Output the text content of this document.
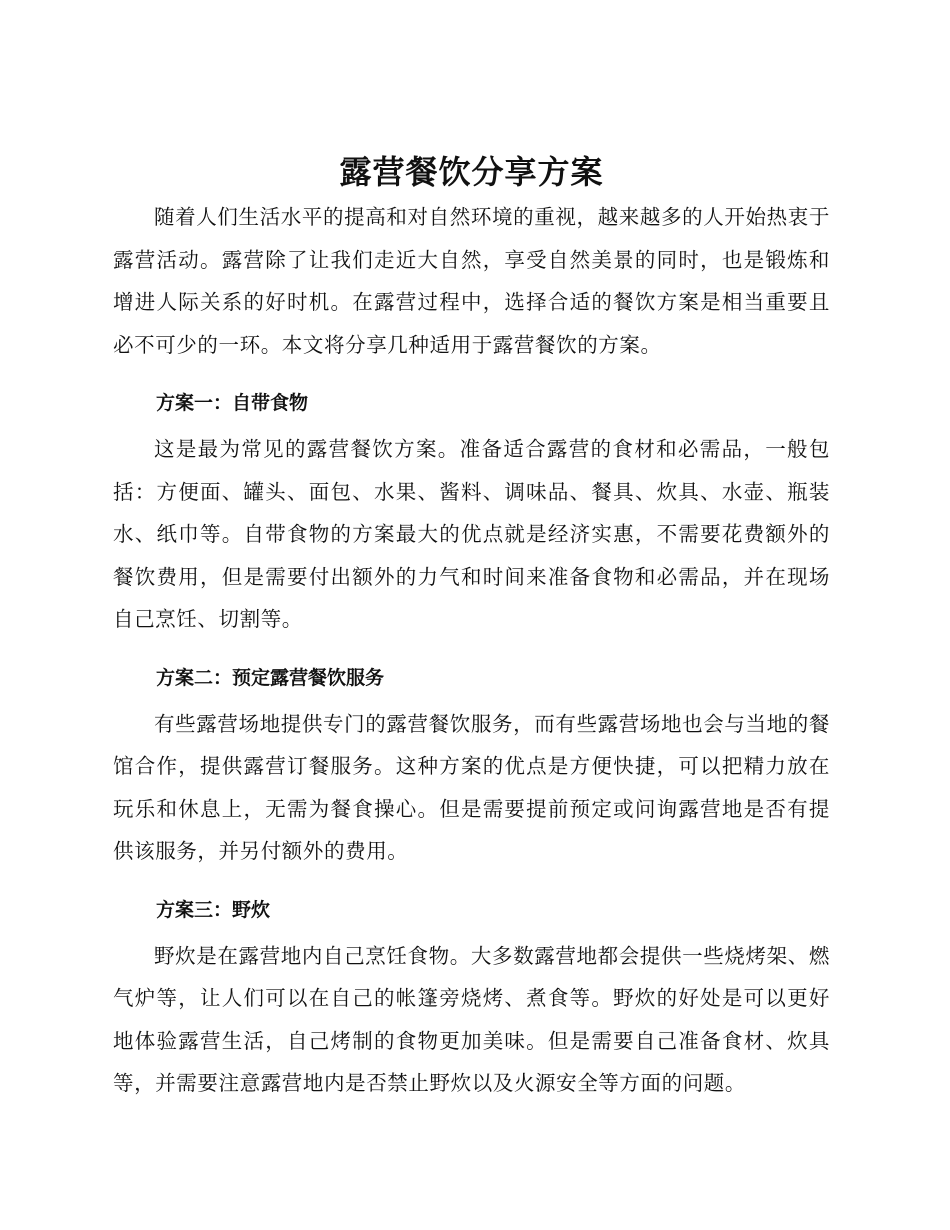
露营餐饮分享方案

随着人们生活水平的提高和对自然环境的重视，越来越多的人开始热衷于露营活动。露营除了让我们走近大自然，享受自然美景的同时，也是锻炼和增进人际关系的好时机。在露营过程中，选择合适的餐饮方案是相当重要且必不可少的一环。本文将分享几种适用于露营餐饮的方案。

方案一：自带食物

这是最为常见的露营餐饮方案。准备适合露营的食材和必需品，一般包括：方便面、罐头、面包、水果、酱料、调味品、餐具、炊具、水壶、瓶装水、纸巾等。自带食物的方案最大的优点就是经济实惠，不需要花费额外的餐饮费用，但是需要付出额外的力气和时间来准备食物和必需品，并在现场自己烹饪、切割等。

方案二：预定露营餐饮服务

有些露营场地提供专门的露营餐饮服务，而有些露营场地也会与当地的餐馆合作，提供露营订餐服务。这种方案的优点是方便快捷，可以把精力放在玩乐和休息上，无需为餐食操心。但是需要提前预定或问询露营地是否有提供该服务，并另付额外的费用。

方案三：野炊

野炊是在露营地内自己烹饪食物。大多数露营地都会提供一些烧烤架、燃气炉等，让人们可以在自己的帐篷旁烧烤、煮食等。野炊的好处是可以更好地体验露营生活，自己烤制的食物更加美味。但是需要自己准备食材、炊具等，并需要注意露营地内是否禁止野炊以及火源安全等方面的问题。
